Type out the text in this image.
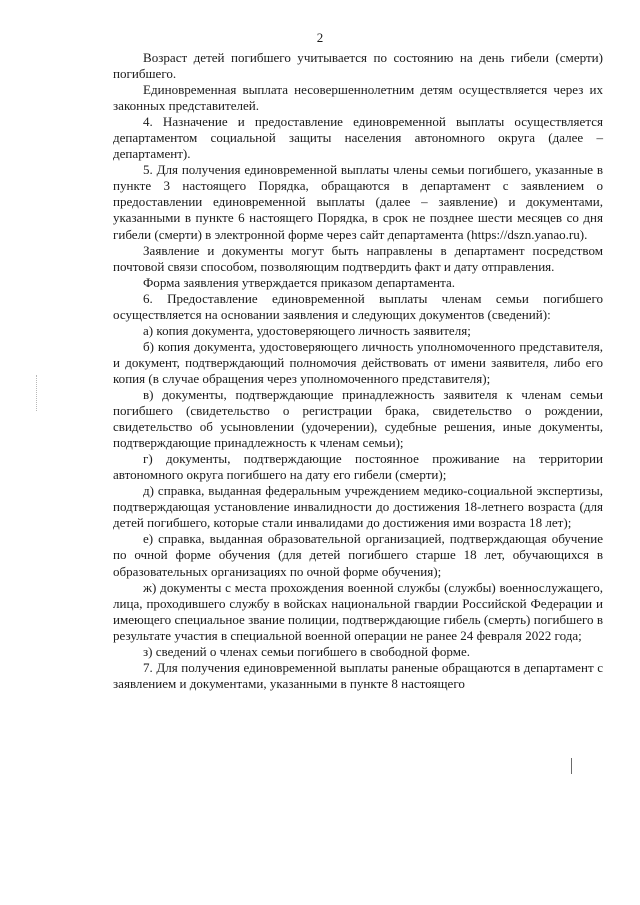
2

Возраст детей погибшего учитывается по состоянию на день гибели (смерти) погибшего.

Единовременная выплата несовершеннолетним детям осуществляется через их законных представителей.

4. Назначение и предоставление единовременной выплаты осуществляется департаментом социальной защиты населения автономного округа (далее – департамент).

5. Для получения единовременной выплаты члены семьи погибшего, указанные в пункте 3 настоящего Порядка, обращаются в департамент с заявлением о предоставлении единовременной выплаты (далее – заявление) и документами, указанными в пункте 6 настоящего Порядка, в срок не позднее шести месяцев со дня гибели (смерти) в электронной форме через сайт департамента (https://dszn.yanao.ru).

Заявление и документы могут быть направлены в департамент посредством почтовой связи способом, позволяющим подтвердить факт и дату отправления.

Форма заявления утверждается приказом департамента.

6. Предоставление единовременной выплаты членам семьи погибшего осуществляется на основании заявления и следующих документов (сведений):

а) копия документа, удостоверяющего личность заявителя;

б) копия документа, удостоверяющего личность уполномоченного представителя, и документ, подтверждающий полномочия действовать от имени заявителя, либо его копия (в случае обращения через уполномоченного представителя);

в) документы, подтверждающие принадлежность заявителя к членам семьи погибшего (свидетельство о регистрации брака, свидетельство о рождении, свидетельство об усыновлении (удочерении), судебные решения, иные документы, подтверждающие принадлежность к членам семьи);

г) документы, подтверждающие постоянное проживание на территории автономного округа погибшего на дату его гибели (смерти);

д) справка, выданная федеральным учреждением медико-социальной экспертизы, подтверждающая установление инвалидности до достижения 18-летнего возраста (для детей погибшего, которые стали инвалидами до достижения ими возраста 18 лет);

е) справка, выданная образовательной организацией, подтверждающая обучение по очной форме обучения (для детей погибшего старше 18 лет, обучающихся в образовательных организациях по очной форме обучения);

ж) документы с места прохождения военной службы (службы) военнослужащего, лица, проходившего службу в войсках национальной гвардии Российской Федерации и имеющего специальное звание полиции, подтверждающие гибель (смерть) погибшего в результате участия в специальной военной операции не ранее 24 февраля 2022 года;

з) сведений о членах семьи погибшего в свободной форме.

7. Для получения единовременной выплаты раненые обращаются в департамент с заявлением и документами, указанными в пункте 8 настоящего
